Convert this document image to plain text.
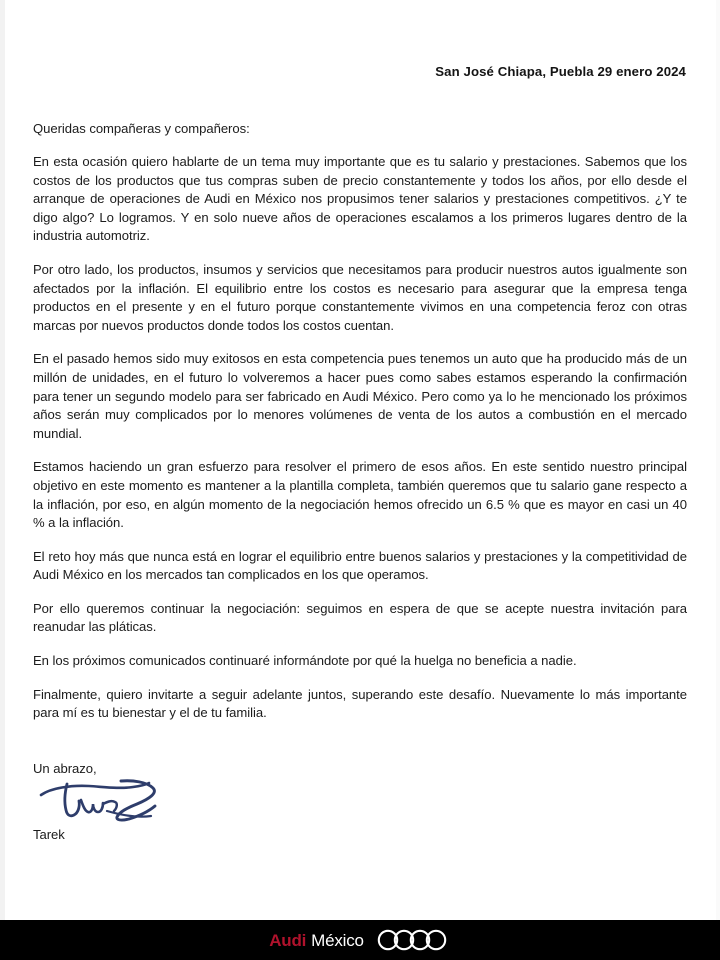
San José Chiapa, Puebla 29 enero 2024
Queridas compañeras y compañeros:

En esta ocasión quiero hablarte de un tema muy importante que es tu salario y prestaciones. Sabemos que los costos de los productos que tus compras suben de precio constantemente y todos los años, por ello desde el arranque de operaciones de Audi en México nos propusimos tener salarios y prestaciones competitivos. ¿Y te digo algo? Lo logramos. Y en solo nueve años de operaciones escalamos a los primeros lugares dentro de la industria automotriz.

Por otro lado, los productos, insumos y servicios que necesitamos para producir nuestros autos igualmente son afectados por la inflación. El equilibrio entre los costos es necesario para asegurar que la empresa tenga productos en el presente y en el futuro porque constantemente vivimos en una competencia feroz con otras marcas por nuevos productos donde todos los costos cuentan.

En el pasado hemos sido muy exitosos en esta competencia pues tenemos un auto que ha producido más de un millón de unidades, en el futuro lo volveremos a hacer pues como sabes estamos esperando la confirmación para tener un segundo modelo para ser fabricado en Audi México. Pero como ya lo he mencionado los próximos años serán muy complicados por lo menores volúmenes de venta de los autos a combustión en el mercado mundial.

Estamos haciendo un gran esfuerzo para resolver el primero de esos años. En este sentido nuestro principal objetivo en este momento es mantener a la plantilla completa, también queremos que tu salario gane respecto a la inflación, por eso, en algún momento de la negociación hemos ofrecido un 6.5 % que es mayor en casi un 40 % a la inflación.

El reto hoy más que nunca está en lograr el equilibrio entre buenos salarios y prestaciones y la competitividad de Audi México en los mercados tan complicados en los que operamos.

Por ello queremos continuar la negociación: seguimos en espera de que se acepte nuestra invitación para reanudar las pláticas.

En los próximos comunicados continuaré informándote por qué la huelga no beneficia a nadie.

Finalmente, quiero invitarte a seguir adelante juntos, superando este desafío. Nuevamente lo más importante para mí es tu bienestar y el de tu familia.

Un abrazo,
Tarek
Audi México
